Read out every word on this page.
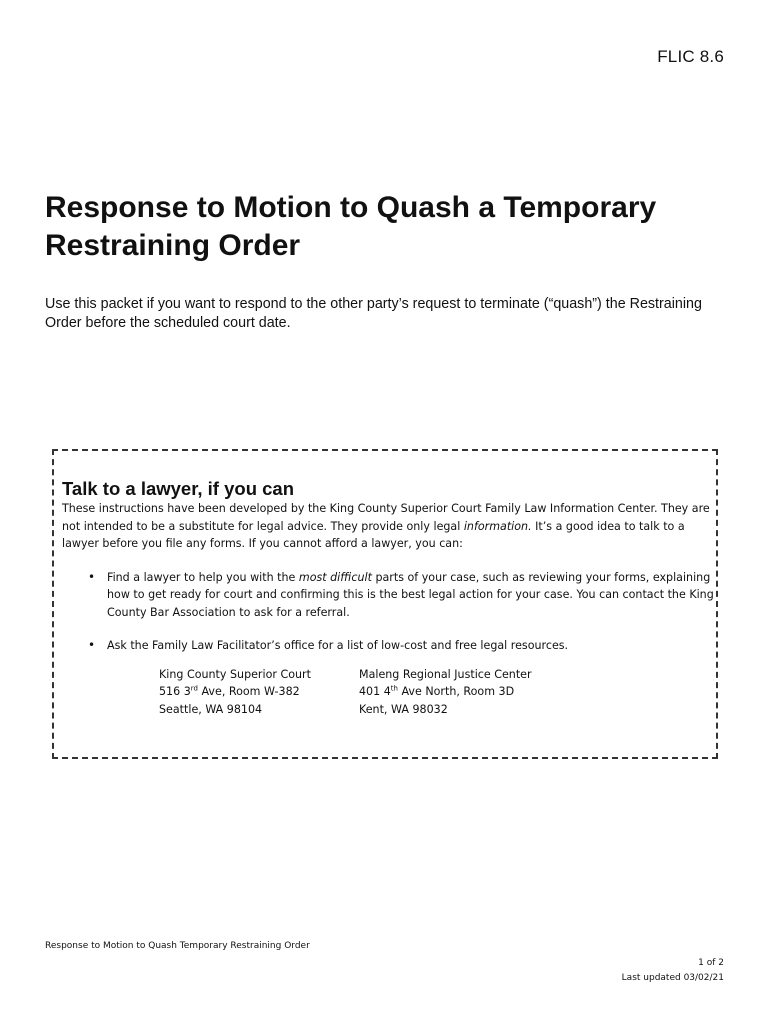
FLIC 8.6
Response to Motion to Quash a Temporary Restraining Order

Use this packet if you want to respond to the other party’s request to terminate (“quash”) the Restraining Order before the scheduled court date.

Talk to a lawyer, if you can

These instructions have been developed by the King County Superior Court Family Law Information Center. They are not intended to be a substitute for legal advice. They provide only legal information. It’s a good idea to talk to a lawyer before you file any forms. If you cannot afford a lawyer, you can:

• Find a lawyer to help you with the most difficult parts of your case, such as reviewing your forms, explaining how to get ready for court and confirming this is the best legal action for your case. You can contact the King County Bar Association to ask for a referral.
• Ask the Family Law Facilitator’s office for a list of low-cost and free legal resources.
King County Superior Court
516 3rd Ave, Room W-382
Seattle, WA 98104
Maleng Regional Justice Center
401 4th Ave North, Room 3D
Kent, WA 98032
Response to Motion to Quash Temporary Restraining Order
1 of 2
Last updated 03/02/21
